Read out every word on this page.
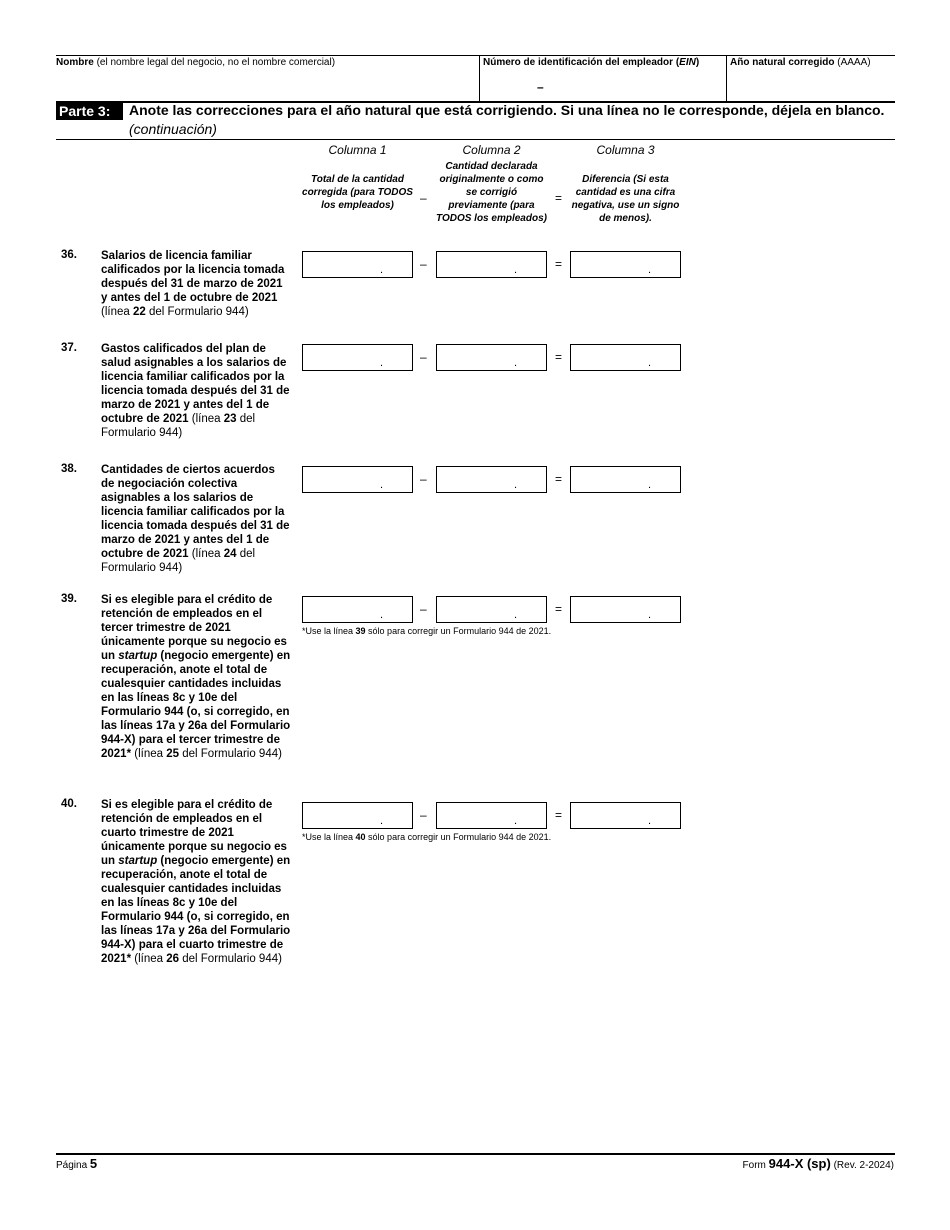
Nombre (el nombre legal del negocio, no el nombre comercial)	Número de identificación del empleador (EIN)
–
Año natural corregido (AAAA)
Parte 3:	Anote las correcciones para el año natural que está corrigiendo. Si una línea no le corresponde, déjela en blanco. (continuación)
Columna 1	Columna 2	Columna 3
Total de la cantidad corregida (para TODOS los empleados)
–
Cantidad declarada originalmente o como se corrigió previamente (para TODOS los empleados)
=
Diferencia (Si esta cantidad es una cifra negativa, use un signo de menos).
36. Salarios de licencia familiar calificados por la licencia tomada después del 31 de marzo de 2021 y antes del 1 de octubre de 2021 (línea 22 del Formulario 944)
.	–	.	=	.
37. Gastos calificados del plan de salud asignables a los salarios de licencia familiar calificados por la licencia tomada después del 31 de marzo de 2021 y antes del 1 de octubre de 2021 (línea 23 del Formulario 944)
.	–	.	=	.
38. Cantidades de ciertos acuerdos de negociación colectiva asignables a los salarios de licencia familiar calificados por la licencia tomada después del 31 de marzo de 2021 y antes del 1 de octubre de 2021 (línea 24 del Formulario 944)
.	–	.	=	.
39. Si es elegible para el crédito de retención de empleados en el tercer trimestre de 2021 únicamente porque su negocio es un startup (negocio emergente) en recuperación, anote el total de cualesquier cantidades incluidas en las líneas 8c y 10e del Formulario 944 (o, si corregido, en las líneas 17a y 26a del Formulario 944-X) para el tercer trimestre de 2021* (línea 25 del Formulario 944)
.	–	.	=	.
*Use la línea 39 sólo para corregir un Formulario 944 de 2021.
40. Si es elegible para el crédito de retención de empleados en el cuarto trimestre de 2021 únicamente porque su negocio es un startup (negocio emergente) en recuperación, anote el total de cualesquier cantidades incluidas en las líneas 8c y 10e del Formulario 944 (o, si corregido, en las líneas 17a y 26a del Formulario 944-X) para el cuarto trimestre de 2021* (línea 26 del Formulario 944)
.	–	.	=	.
*Use la línea 40 sólo para corregir un Formulario 944 de 2021.
Página 5	Form 944-X (sp) (Rev. 2-2024)
